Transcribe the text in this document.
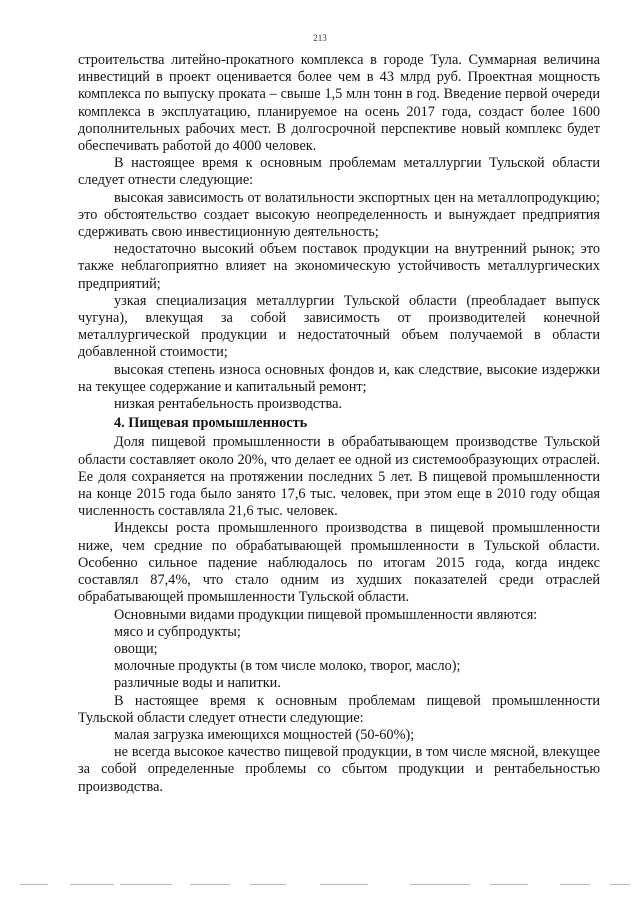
213

строительства литейно-прокатного комплекса в городе Тула. Суммарная величина инвестиций в проект оценивается более чем в 43 млрд руб. Проектная мощность комплекса по выпуску проката – свыше 1,5 млн тонн в год. Введение первой очереди комплекса в эксплуатацию, планируемое на осень 2017 года, создаст более 1600 дополнительных рабочих мест. В долгосрочной перспективе новый комплекс будет обеспечивать работой до 4000 человек.

В настоящее время к основным проблемам металлургии Тульской области следует отнести следующие:

высокая зависимость от волатильности экспортных цен на металлопродукцию; это обстоятельство создает высокую неопределенность и вынуждает предприятия сдерживать свою инвестиционную деятельность;

недостаточно высокий объем поставок продукции на внутренний рынок; это также неблагоприятно влияет на экономическую устойчивость металлургических предприятий;

узкая специализация металлургии Тульской области (преобладает выпуск чугуна), влекущая за собой зависимость от производителей конечной металлургической продукции и недостаточный объем получаемой в области добавленной стоимости;

высокая степень износа основных фондов и, как следствие, высокие издержки на текущее содержание и капитальный ремонт;

низкая рентабельность производства.

4. Пищевая промышленность

Доля пищевой промышленности в обрабатывающем производстве Тульской области составляет около 20%, что делает ее одной из системообразующих отраслей. Ее доля сохраняется на протяжении последних 5 лет. В пищевой промышленности на конце 2015 года было занято 17,6 тыс. человек, при этом еще в 2010 году общая численность составляла 21,6 тыс. человек.

Индексы роста промышленного производства в пищевой промышленности ниже, чем средние по обрабатывающей промышленности в Тульской области. Особенно сильное падение наблюдалось по итогам 2015 года, когда индекс составлял 87,4%, что стало одним из худших показателей среди отраслей обрабатывающей промышленности Тульской области.

Основными видами продукции пищевой промышленности являются:

мясо и субпродукты;

овощи;

молочные продукты (в том числе молоко, творог, масло);

различные воды и напитки.

В настоящее время к основным проблемам пищевой промышленности Тульской области следует отнести следующие:

малая загрузка имеющихся мощностей (50-60%);

не всегда высокое качество пищевой продукции, в том числе мясной, влекущее за собой определенные проблемы со сбытом продукции и рентабельностью производства.
